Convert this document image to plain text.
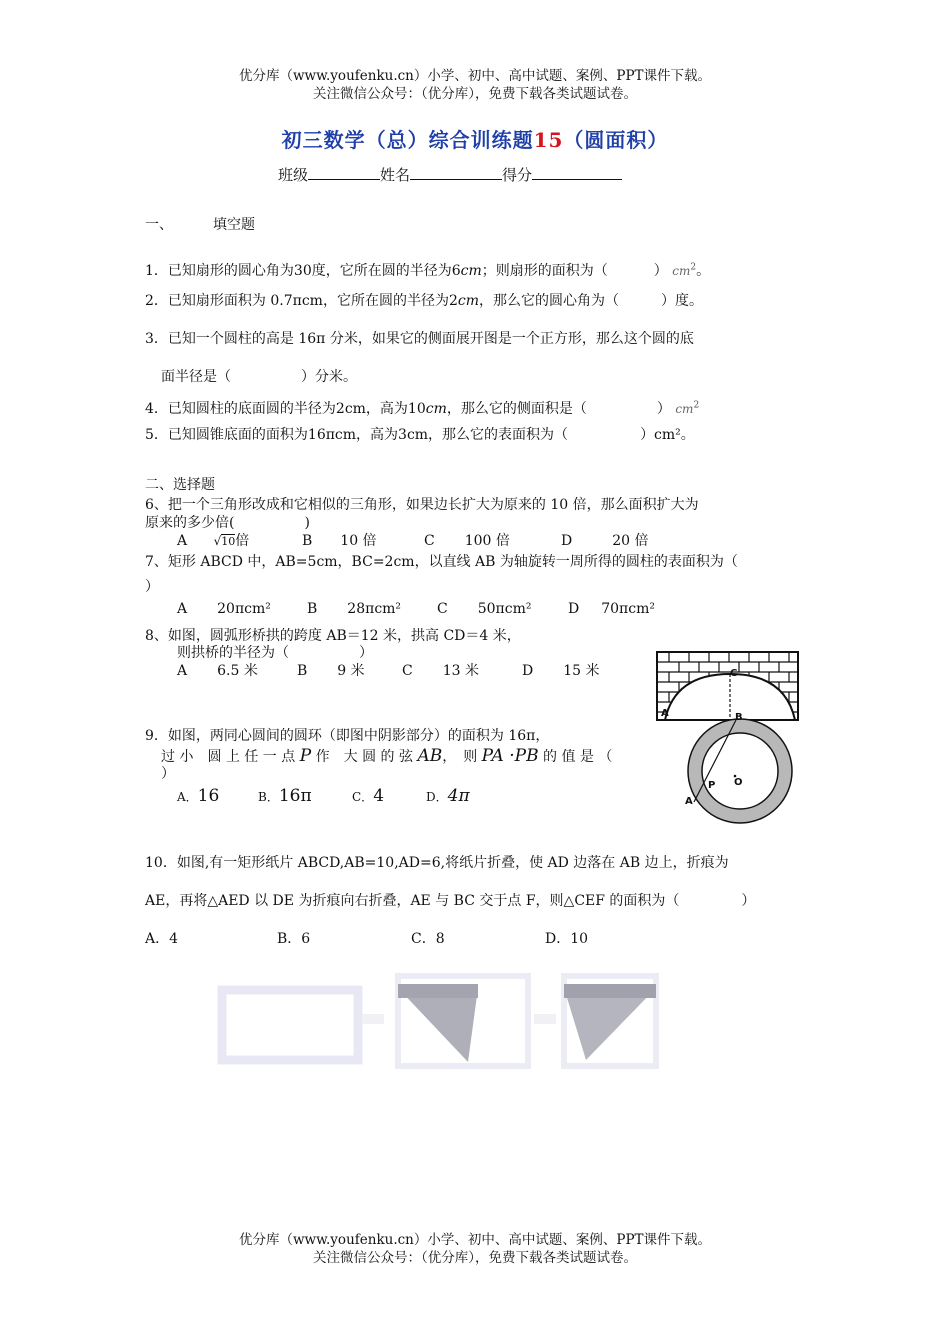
优分库（www.youfenku.cn）小学、初中、高中试题、案例、PPT课件下载。
关注微信公众号：（优分库），免费下载各类试题试卷。
初三数学（总）综合训练题15（圆面积）
班级	姓名	得分
一、	填空题
1．已知扇形的圆心角为30度，它所在圆的半径为6cm；则扇形的面积为（	） $cm^2$。
2．已知扇形面积为 0.7πcm，它所在圆的半径为2cm，那么它的圆心角为（	）度。
3．已知一个圆柱的高是 16π 分米，如果它的侧面展开图是一个正方形，那么这个圆的底
面半径是（	）分米。
4．已知圆柱的底面圆的半径为2cm，高为10cm，那么它的侧面积是（	） $cm^2$
5．已知圆锥底面的面积为16πcm，高为3cm，那么它的表面积为（	）cm²。
二、选择题
6、把一个三角形改成和它相似的三角形，如果边长扩大为原来的 10 倍，那么面积扩大为
原来的多少倍(	)
A √10倍	B 10 倍	C 100 倍	D	20 倍
7、矩形 ABCD 中，AB=5cm，BC=2cm，以直线 AB 为轴旋转一周所得的圆柱的表面积为（
）
A 20πcm²	B 28πcm²	C 50πcm²	D 70πcm²
8、如图，圆弧形桥拱的跨度 AB＝12 米，拱高 CD＝4 米，
则拱桥的半径为（	）
A 6.5 米	B 9 米	C 13 米	D 15 米	C
A
9．如图，两同心圆间的圆环（即图中阴影部分）的面积为 16π，
过 小　圆 上 任 一 点 P 作　大 圆 的 弦 AB，　则 PA ·PB 的 值 是 （
）
A．16	B．16π	C．4	D．4π
B
P O
A
10．如图,有一矩形纸片 ABCD,AB=10,AD=6,将纸片折叠，使 AD 边落在 AB 边上，折痕为
AE，再将△AED 以 DE 为折痕向右折叠，AE 与 BC 交于点 F，则△CEF 的面积为（	）
A．4	B．6	C．8	D．10
优分库（www.youfenku.cn）小学、初中、高中试题、案例、PPT课件下载。
关注微信公众号：（优分库），免费下载各类试题试卷。
